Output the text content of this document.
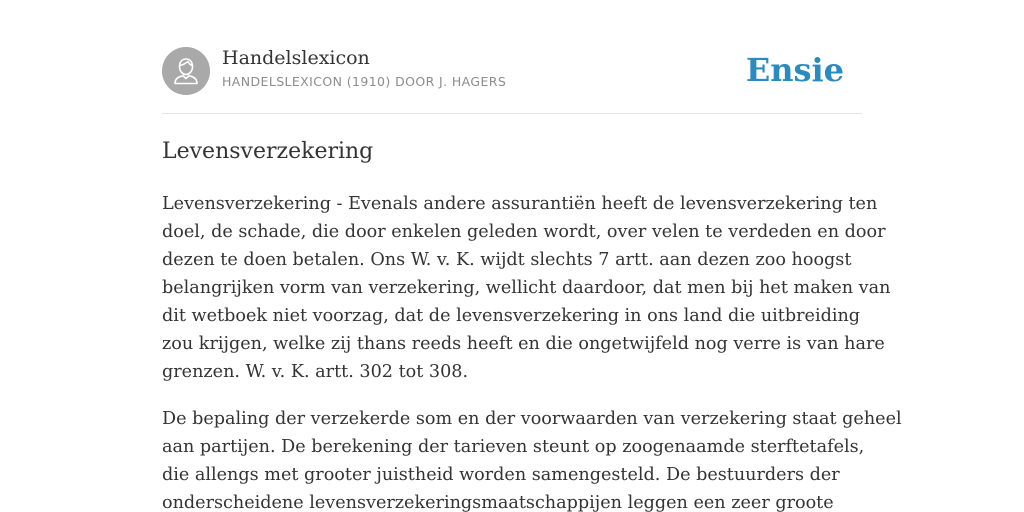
Handelslexicon
HANDELSLEXICON (1910) DOOR J. HAGERS	Ensie
Levensverzekering

Levensverzekering - Evenals andere assurantiën heeft de levensverzekering ten
doel, de schade, die door enkelen geleden wordt, over velen te verdeden en door
dezen te doen betalen. Ons W. v. K. wijdt slechts 7 artt. aan dezen zoo hoogst
belangrijken vorm van verzekering, wellicht daardoor, dat men bij het maken van
dit wetboek niet voorzag, dat de levensverzekering in ons land die uitbreiding
zou krijgen, welke zij thans reeds heeft en die ongetwijfeld nog verre is van hare
grenzen. W. v. K. artt. 302 tot 308.

De bepaling der verzekerde som en der voorwaarden van verzekering staat geheel
aan partijen. De berekening der tarieven steunt op zoogenaamde sterftetafels,
die allengs met grooter juistheid worden samengesteld. De bestuurders der
onderscheidene levensverzekeringsmaatschappijen leggen een zeer groote
